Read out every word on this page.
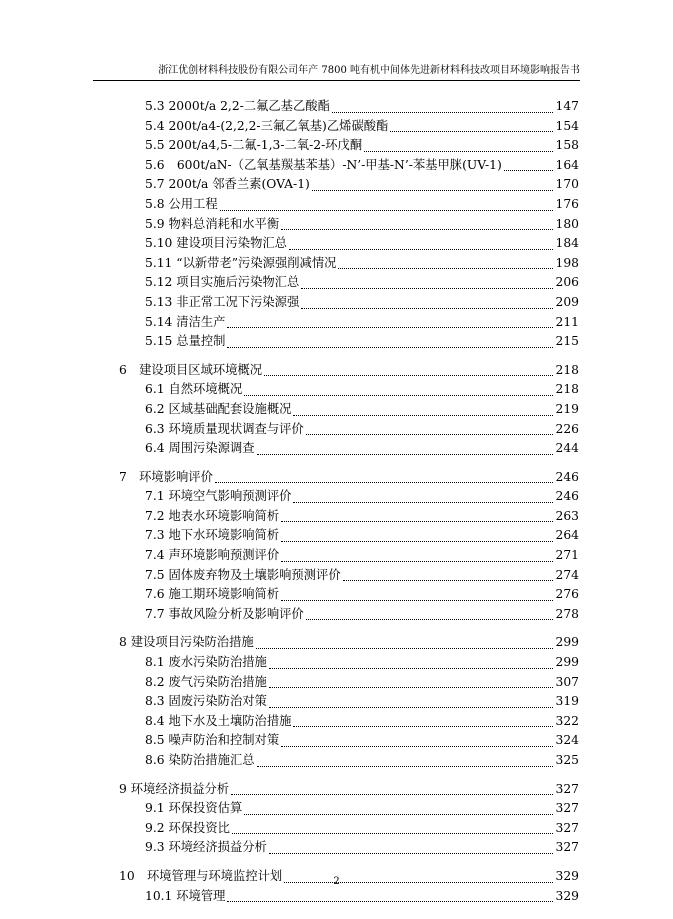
浙江优创材料科技股份有限公司年产 7800 吨有机中间体先进新材料科技改项目环境影响报告书
5.3 2000t/a 2,2-二氟乙基乙酸酯	147
5.4 200t/a4-(2,2,2-三氟乙氧基)乙烯碳酸酯	154
5.5 200t/a4,5-二氟-1,3-二氧-2-环戊酮	158
5.6　600t/aN-（乙氧基羰基苯基）-N’-甲基-N’-苯基甲脒(UV-1)	164
5.7 200t/a 邻香兰素(OVA-1)	170
5.8 公用工程	176
5.9 物料总消耗和水平衡	180
5.10 建设项目污染物汇总	184
5.11 “以新带老”污染源强削减情况	198
5.12 项目实施后污染物汇总	206
5.13 非正常工况下污染源强	209
5.14 清洁生产	211
5.15 总量控制	215
6　建设项目区域环境概况	218
6.1 自然环境概况	218
6.2 区域基础配套设施概况	219
6.3 环境质量现状调查与评价	226
6.4 周围污染源调查	244
7　环境影响评价	246
7.1 环境空气影响预测评价	246
7.2 地表水环境影响简析	263
7.3 地下水环境影响简析	264
7.4 声环境影响预测评价	271
7.5 固体废弃物及土壤影响预测评价	274
7.6 施工期环境影响简析	276
7.7 事故风险分析及影响评价	278
8 建设项目污染防治措施	299
8.1 废水污染防治措施	299
8.2 废气污染防治措施	307
8.3 固废污染防治对策	319
8.4 地下水及土壤防治措施	322
8.5 噪声防治和控制对策	324
8.6 染防治措施汇总	325
9 环境经济损益分析	327
9.1 环保投资估算	327
9.2 环保投资比	327
9.3 环境经济损益分析	327
10　环境管理与环境监控计划	329
10.1 环境管理	329
2
